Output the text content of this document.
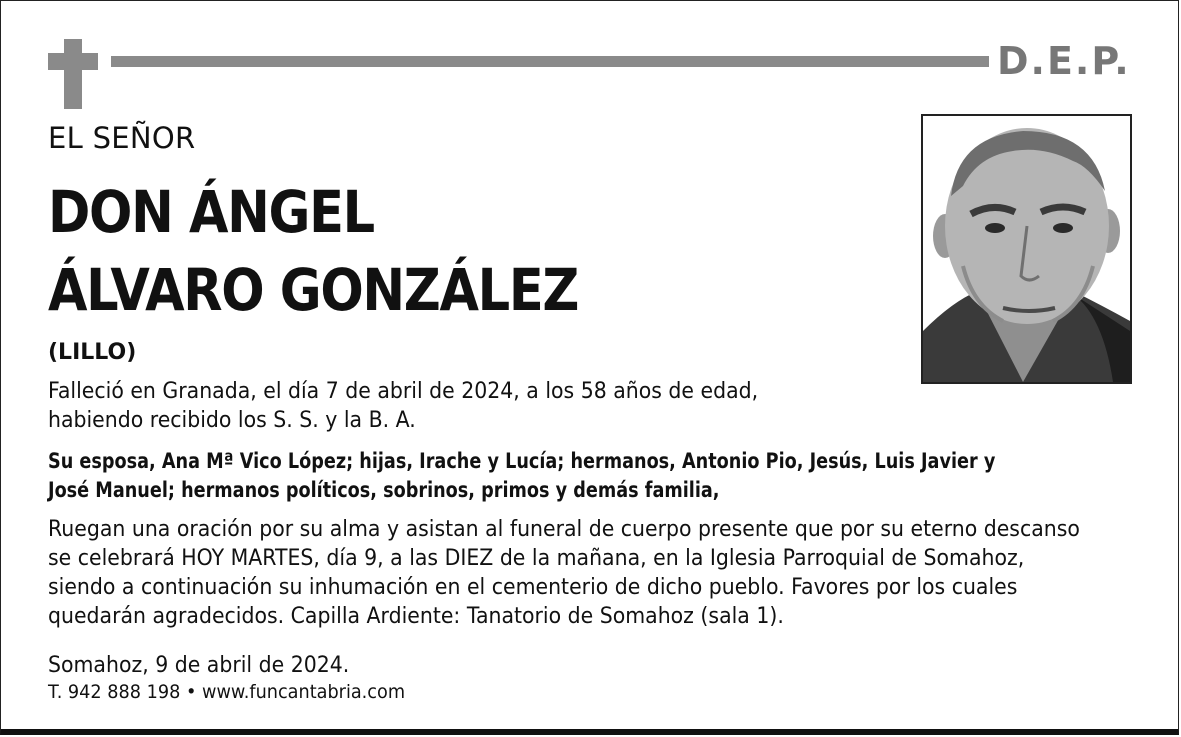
D.E.P.
EL SEÑOR
DON ÁNGEL
ÁLVARO GONZÁLEZ
(LILLO)
Falleció en Granada, el día 7 de abril de 2024, a los 58 años de edad,
habiendo recibido los S. S. y la B. A.
Su esposa, Ana Mª Vico López; hijas, Irache y Lucía; hermanos, Antonio Pio, Jesús, Luis Javier y
José Manuel; hermanos políticos, sobrinos, primos y demás familia,
Ruegan una oración por su alma y asistan al funeral de cuerpo presente que por su eterno descanso
se celebrará HOY MARTES, día 9, a las DIEZ de la mañana, en la Iglesia Parroquial de Somahoz,
siendo a continuación su inhumación en el cementerio de dicho pueblo. Favores por los cuales
quedarán agradecidos. Capilla Ardiente: Tanatorio de Somahoz (sala 1).
Somahoz, 9 de abril de 2024.
T. 942 888 198 • www.funcantabria.com
